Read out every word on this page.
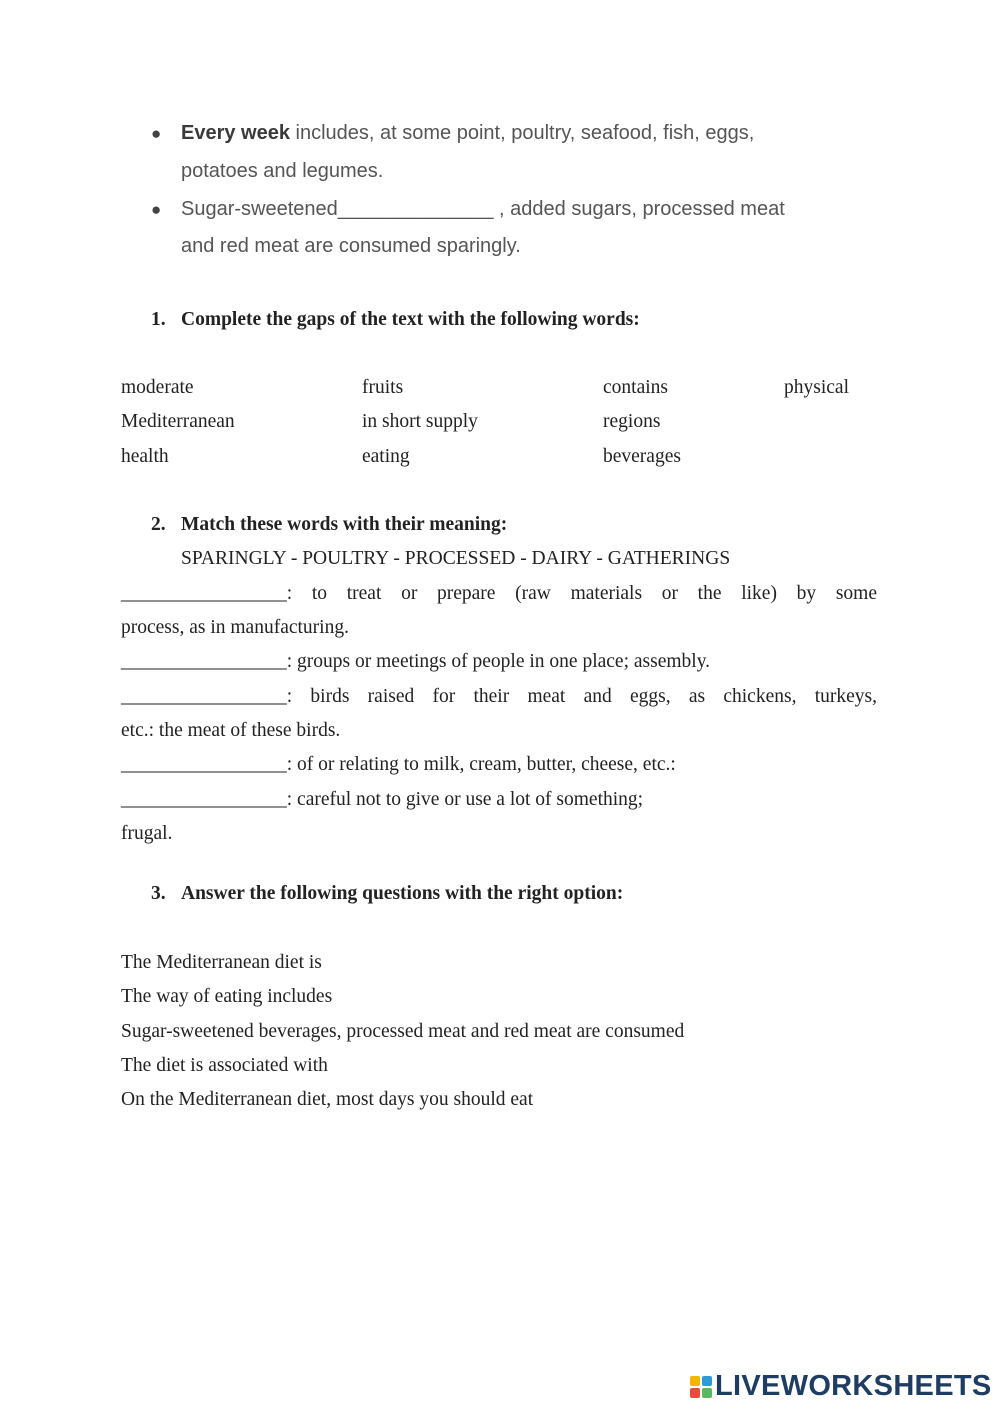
● Every week includes, at some point, poultry, seafood, fish, eggs,
potatoes and legumes.
● Sugar-sweetened______________ , added sugars, processed meat
and red meat are consumed sparingly.
1. Complete the gaps of the text with the following words:
moderate	fruits	contains	physical
Mediterranean	in short supply	regions
health	eating	beverages
2. Match these words with their meaning:
SPARINGLY - POULTRY - PROCESSED - DAIRY - GATHERINGS
_________________: to treat or prepare (raw materials or the like) by some
process, as in manufacturing.
_________________: groups or meetings of people in one place; assembly.
_________________: birds raised for their meat and eggs, as chickens, turkeys,
etc.: the meat of these birds.
_________________: of or relating to milk, cream, butter, cheese, etc.:
_________________: careful not to give or use a lot of something;
frugal.
3. Answer the following questions with the right option:
The Mediterranean diet is
The way of eating includes
Sugar-sweetened beverages, processed meat and red meat are consumed
The diet is associated with
On the Mediterranean diet, most days you should eat
LIVEWORKSHEETS
